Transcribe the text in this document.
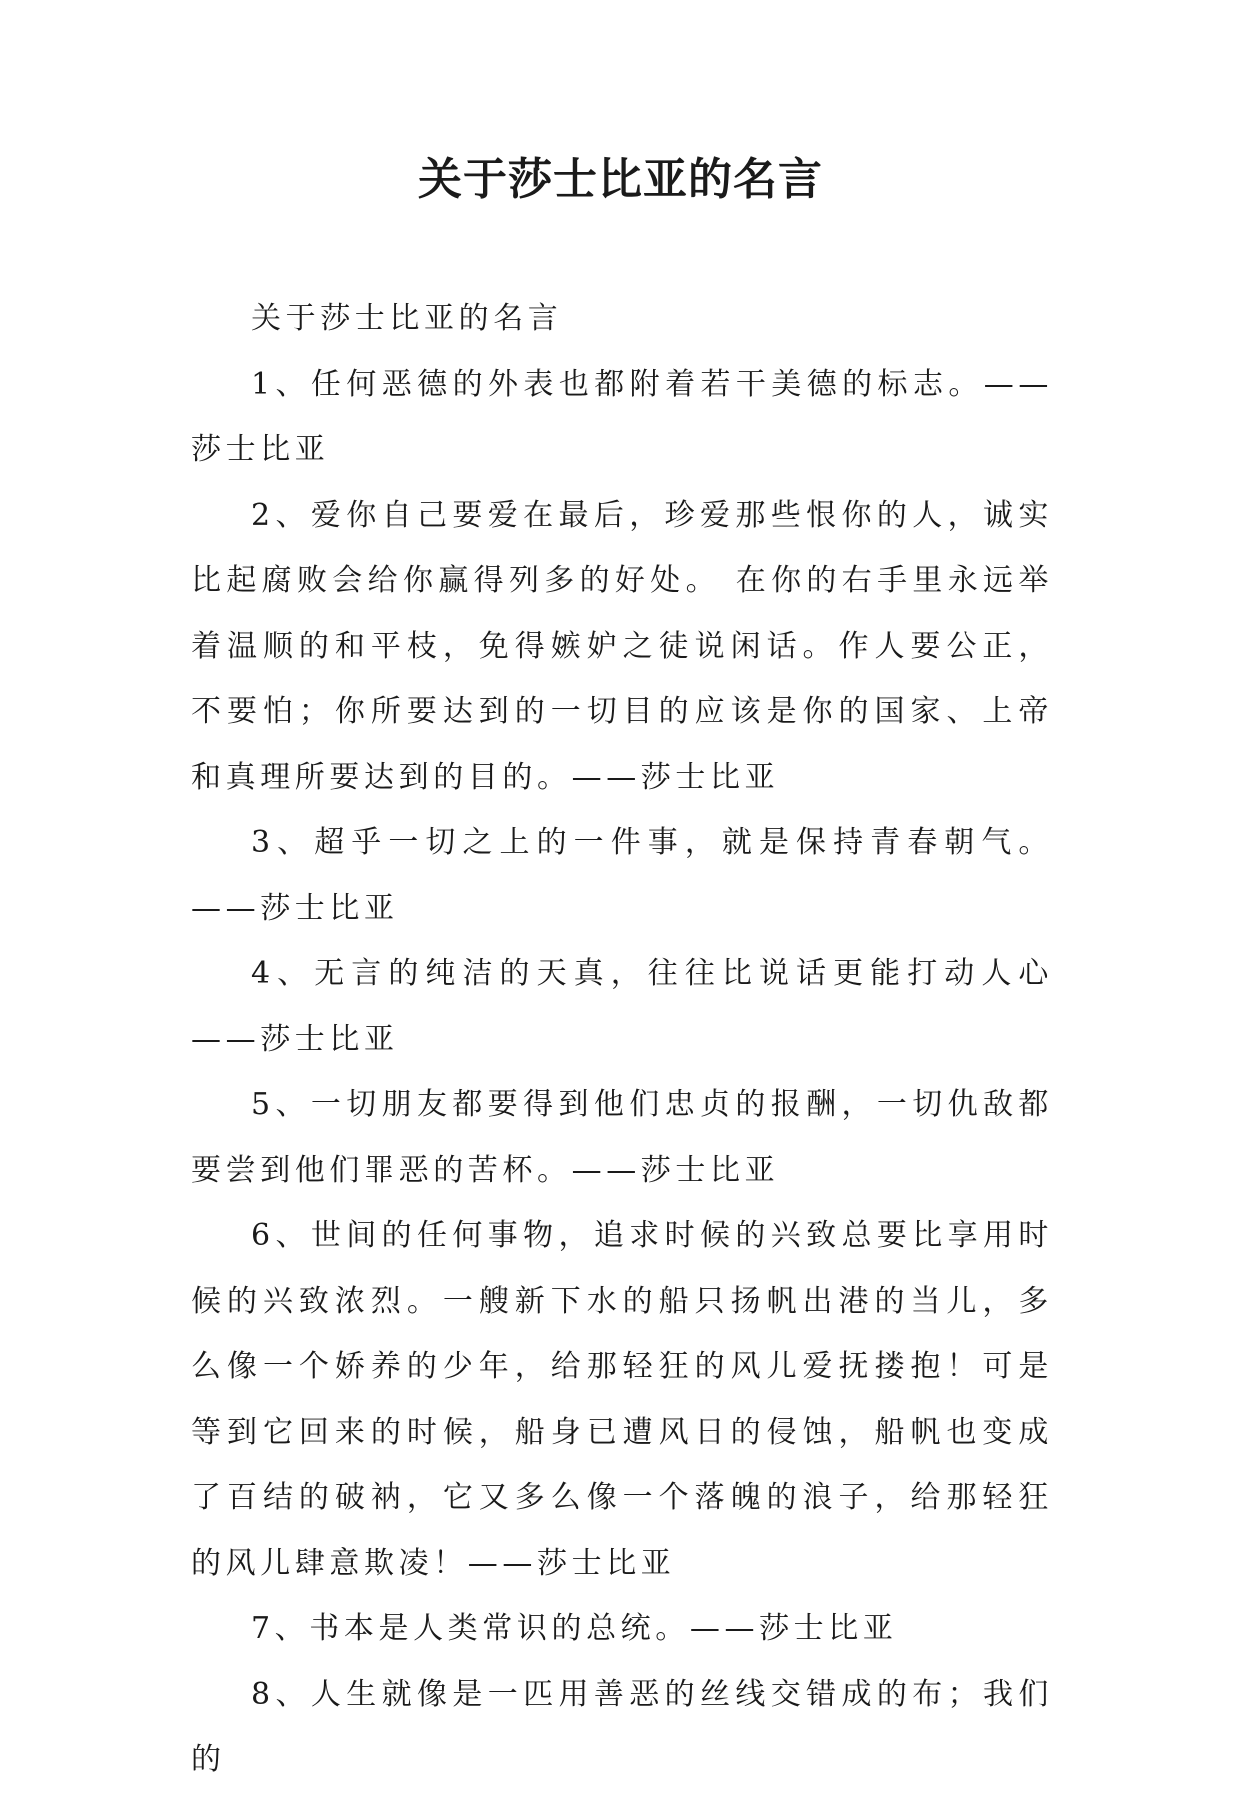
关于莎士比亚的名言

关于莎士比亚的名言

1、任何恶德的外表也都附着若干美德的标志。——莎士比亚

2、爱你自己要爱在最后，珍爱那些恨你的人，诚实比起腐败会给你赢得列多的好处。 在你的右手里永远举着温顺的和平枝，免得嫉妒之徒说闲话。作人要公正，不要怕；你所要达到的一切目的应该是你的国家、上帝和真理所要达到的目的。——莎士比亚

3、超乎一切之上的一件事，就是保持青春朝气。——莎士比亚

4、无言的纯洁的天真，往往比说话更能打动人心——莎士比亚

5、一切朋友都要得到他们忠贞的报酬，一切仇敌都要尝到他们罪恶的苦杯。——莎士比亚

6、世间的任何事物，追求时候的兴致总要比享用时候的兴致浓烈。一艘新下水的船只扬帆出港的当儿，多么像一个娇养的少年，给那轻狂的风儿爱抚搂抱！可是等到它回来的时候，船身已遭风日的侵蚀，船帆也变成了百结的破衲，它又多么像一个落魄的浪子，给那轻狂的风儿肆意欺凌！——莎士比亚

7、书本是人类常识的总统。——莎士比亚

8、人生就像是一匹用善恶的丝线交错成的布；我们的
